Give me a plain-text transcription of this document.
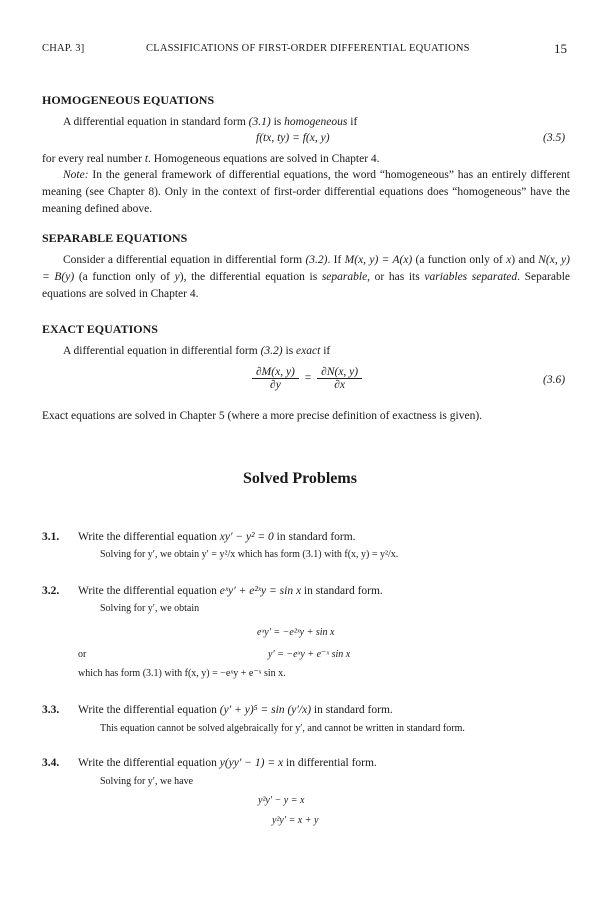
CHAP. 3]	CLASSIFICATIONS OF FIRST-ORDER DIFFERENTIAL EQUATIONS	15
HOMOGENEOUS EQUATIONS
A differential equation in standard form (3.1) is homogeneous if
f(tx, ty) = f(x, y)	(3.5)
for every real number t. Homogeneous equations are solved in Chapter 4.
Note: In the general framework of differential equations, the word “homogeneous” has an entirely different meaning (see Chapter 8). Only in the context of first-order differential equations does “homogeneous” have the meaning defined above.
SEPARABLE EQUATIONS
Consider a differential equation in differential form (3.2). If M(x, y) = A(x) (a function only of x) and N(x, y) = B(y) (a function only of y), the differential equation is separable, or has its variables separated. Separable equations are solved in Chapter 4.
EXACT EQUATIONS
A differential equation in differential form (3.2) is exact if
$\frac{\partial M(x, y)}{\partial y} = \frac{\partial N(x, y)}{\partial x}$	(3.6)
Exact equations are solved in Chapter 5 (where a more precise definition of exactness is given).
Solved Problems
3.1. Write the differential equation xy′ − y² = 0 in standard form.
Solving for y′, we obtain y′ = y²/x which has form (3.1) with f(x, y) = y²/x.
3.2. Write the differential equation eˣy′ + e²ˣy = sin x in standard form.
Solving for y′, we obtain
eˣy′ = −e²ˣy + sin x
or	y′ = −eˣy + e⁻ˣ sin x
which has form (3.1) with f(x, y) = −eˣy + e⁻ˣ sin x.
3.3. Write the differential equation (y′ + y)⁵ = sin (y′/x) in standard form.
This equation cannot be solved algebraically for y′, and cannot be written in standard form.
3.4. Write the differential equation y(yy′ − 1) = x in differential form.
Solving for y′, we have
y²y′ − y = x
y²y′ = x + y
